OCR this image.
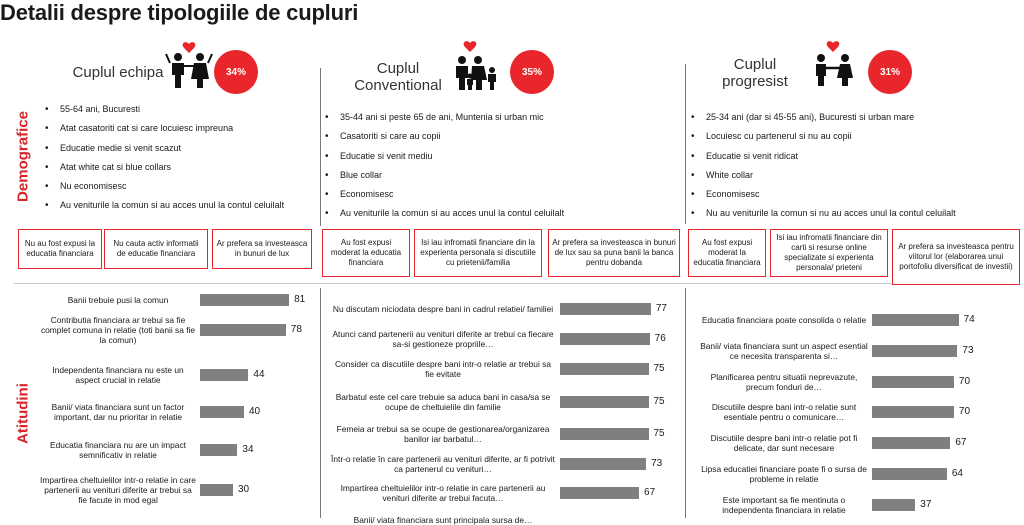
Detalii despre tipologiile de cupluri
Demografice
Atitudini
Cuplul echipa	34%	Cuplul
Conventional
35%	Cuplul
progresist
31%
• 55-64 ani, Bucuresti
• Atat casatoriti cat si care locuiesc impreuna
• Educatie medie si venit scazut
• Atat white cat si blue collars
• Nu economisesc
• Au veniturile la comun si au acces unul la contul celuilalt
• 35-44 ani si peste 65 de ani, Muntenia si urban mic
• Casatoriti si care au copii
• Educatie si venit mediu
• Blue collar
• Economisesc
• Au veniturile la comun si au acces unul la contul celuilalt
• 25-34 ani (dar si 45-55 ani), Bucuresti si urban mare
• Locuiesc cu partenerul si nu au copii
• Educatie si venit ridicat
• White collar
• Economisesc
• Nu au veniturile la comun si nu au acces unul la contul celuilalt
Nu au fost expusi la educatia financiara
Nu cauta activ informatii de educatie financiara
Ar prefera sa investeasca in bunuri de lux
Au fost expusi moderat la educatia financiara
Isi iau infromatii financiare din la experienta personala si discutiile cu prietenii/familia
Ar prefera sa investeasca in bunuri de lux sau sa puna banii la banca pentru dobanda
Au fost expusi moderat la educatia financiara
Isi iau infromatii financiare din carti si resurse online specializate si experienta personala/ prieteni
Ar prefera sa investeasca pentru viitorul lor (elaborarea unui portofoliu diversificat de investii)
Banii trebuie pusi la comun	81
Contributia financiara ar trebui sa fie complet comuna in relatie (toti banii sa fie la comun)
78
Independenta financiara nu este un aspect crucial in relatie	44
Banii/ viata financiara sunt un factor important, dar nu prioritar in relatie	40
Educatia financiara nu are un impact semnificativ in relatie	34
Impartirea cheltuielilor intr-o relatie in care partenerii au venituri diferite ar trebui sa fie facute in mod egal
30
Nu discutam niciodata despre bani in cadrul relatiei/ familiei	77
Atunci cand partenerii au venituri diferite ar trebui ca fiecare sa-si gestioneze propriile…	76
Consider ca discutiile despre bani intr-o relatie ar trebui sa fie evitate	75
Barbatul este cel care trebuie sa aduca bani in casa/sa se ocupe de cheltuielile din familie	75
Femeia ar trebui sa se ocupe de gestionarea/organizarea banilor iar barbatul…	75
Într-o relatie în care partenerii au venituri diferite, ar fi potrivit ca partenerul cu venituri…	73
Impartirea cheltuielilor intr-o relatie in care partenerii au venituri diferite ar trebui facuta…	67
Banii/ viata financiara sunt principala sursa de…
Educatia financiara poate consolida o relatie	74
Banii/ viata financiara sunt un aspect esential ce necesita transparenta si…	73
Planificarea pentru situatii neprevazute, precum fonduri de…	70
Discutiile despre bani intr-o relatie sunt esentiale pentru o comunicare…	70
Discutiile despre bani intr-o relatie pot fi delicate, dar sunt necesare	67
Lipsa educatiei financiare poate fi o sursa de probleme in relatie	64
Este important sa fie mentinuta o independenta financiara in relatie	37
